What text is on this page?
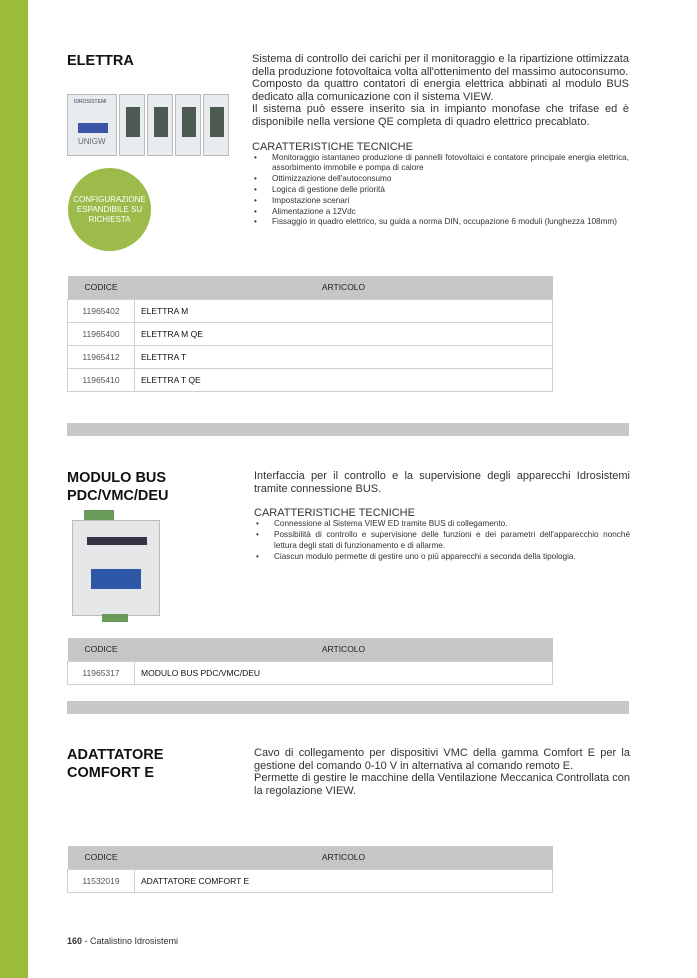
ELETTRA
IDROSISTEMI
UNIGW
CONFIGURAZIONE ESPANDIBILE SU RICHIESTA

Sistema di controllo dei carichi per il monitoraggio e la ripartizione ottimizzata della produzione fotovoltaica volta all'ottenimento del massimo autoconsumo.

Composto da quattro contatori di energia elettrica abbinati al modulo BUS dedicato alla comunicazione con il sistema VIEW.

Il sistema può essere inserito sia in impianto monofase che trifase ed è disponibile nella versione QE completa di quadro elettrico precablato.

CARATTERISTICHE TECNICHE
• Monitoraggio istantaneo produzione di pannelli fotovoltaici e contatore principale energia elettrica, assorbimento immobile e pompa di calore
• Ottimizzazione dell'autoconsumo
• Logica di gestione delle priorità
• Impostazione scenari
• Alimentazione a 12Vdc
• Fissaggio in quadro elettrico, su guida a norma DIN, occupazione 6 moduli (lunghezza 108mm)
CODICE	ARTICOLO
11965402	ELETTRA M
11965400	ELETTRA M QE
11965412	ELETTRA T
11965410	ELETTRA T QE
MODULO BUS PDC/VMC/DEU

Interfaccia per il controllo e la supervisione degli apparecchi Idrosistemi tramite connessione BUS.

CARATTERISTICHE TECNICHE
• Connessione al Sistema VIEW ED tramite BUS di collegamento.
• Possibilità di controllo e supervisione delle funzioni e dei parametri dell'apparecchio nonché lettura degli stati di funzionamento e di allarme.
• Ciascun modulo permette di gestire uno o più apparecchi a seconda della tipologia.
CODICE	ARTICOLO
11965317	MODULO BUS PDC/VMC/DEU
ADATTATORE COMFORT E

Cavo di collegamento per dispositivi VMC della gamma Comfort E per la gestione del comando 0-10 V in alternativa al comando remoto E.

Permette di gestire le macchine della Ventilazione Meccanica Controllata con la regolazione VIEW.

CODICE	ARTICOLO
11532019	ADATTATORE COMFORT E
160 - Catalistino Idrosistemi
